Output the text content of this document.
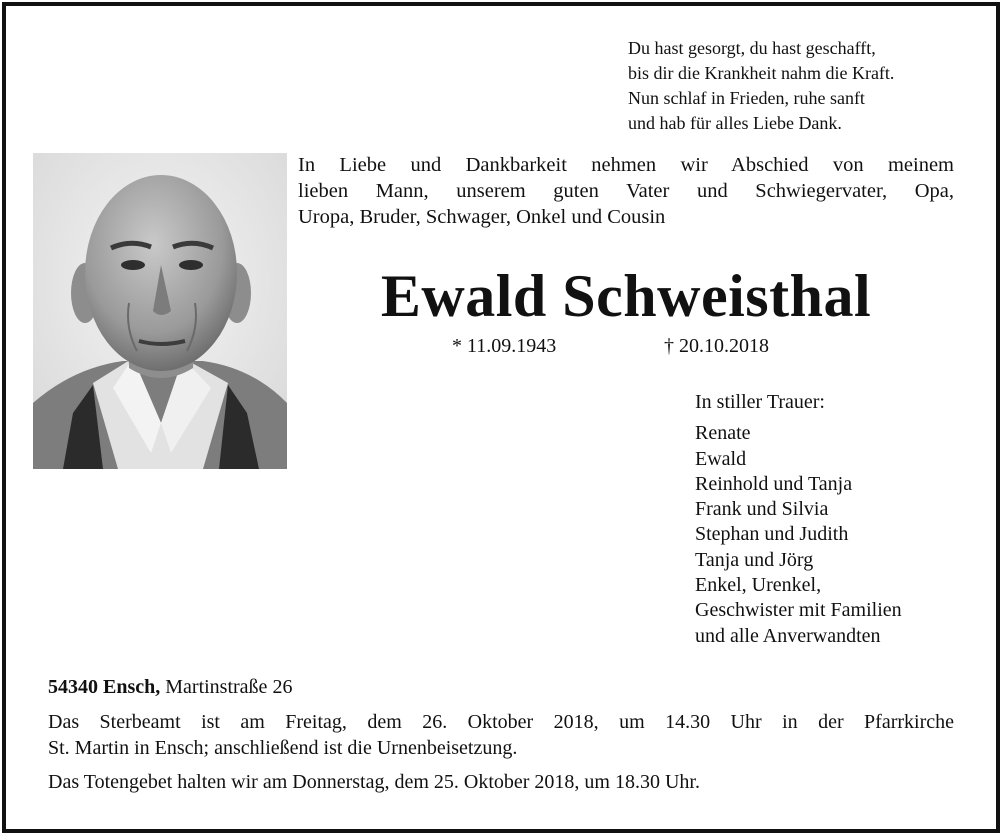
Du hast gesorgt, du hast geschafft,
bis dir die Krankheit nahm die Kraft.
Nun schlaf in Frieden, ruhe sanft
und hab für alles Liebe Dank.
In Liebe und Dankbarkeit nehmen wir Abschied von meinem
lieben Mann, unserem guten Vater und Schwiegervater, Opa,
Uropa, Bruder, Schwager, Onkel und Cousin
Ewald Schweisthal
* 11.09.1943	† 20.10.2018
In stiller Trauer:
Renate
Ewald
Reinhold und Tanja
Frank und Silvia
Stephan und Judith
Tanja und Jörg
Enkel, Urenkel,
Geschwister mit Familien
und alle Anverwandten
54340 Ensch, Martinstraße 26
Das Sterbeamt ist am Freitag, dem 26. Oktober 2018, um 14.30 Uhr in der Pfarrkirche
St. Martin in Ensch; anschließend ist die Urnenbeisetzung.
Das Totengebet halten wir am Donnerstag, dem 25. Oktober 2018, um 18.30 Uhr.
